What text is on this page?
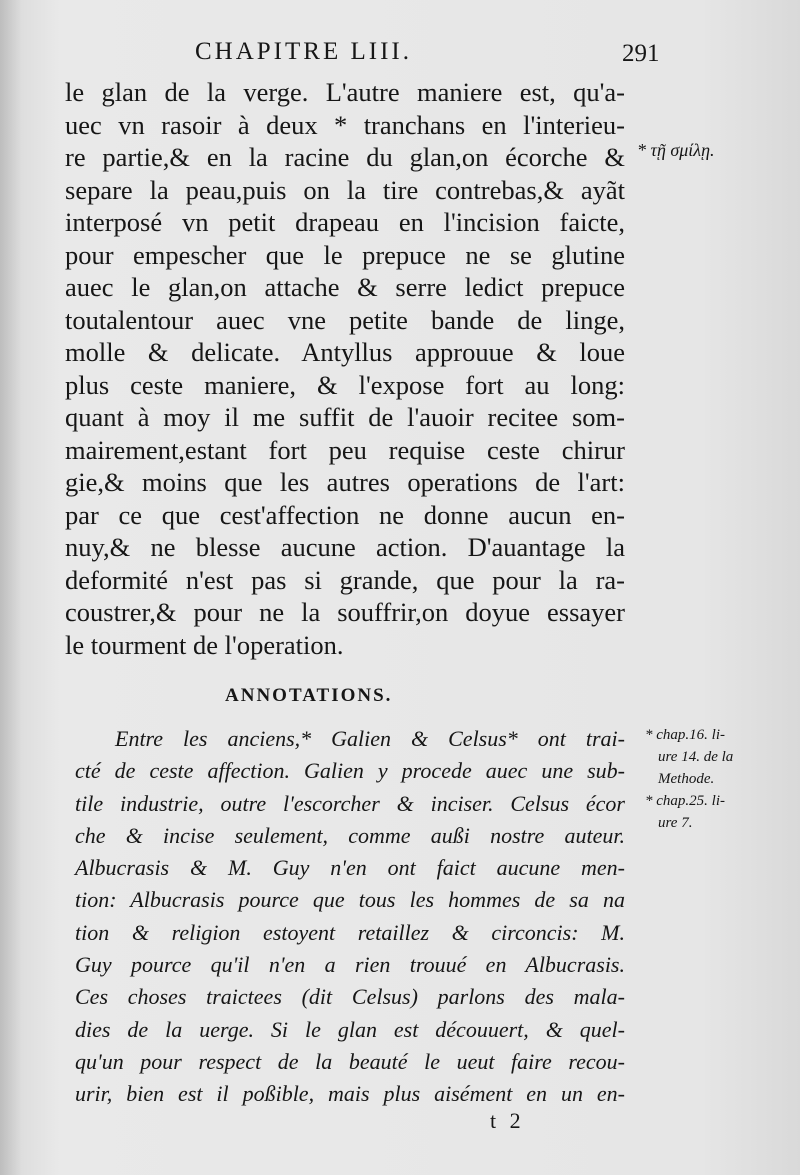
CHAPITRE LIII.	291
le glan de la verge. L'autre maniere est, qu'a-
uec vn rasoir à deux * tranchans en l'interieu-
re partie,& en la racine du glan,on écorche &
separe la peau,puis on la tire contrebas,& ayãt
interposé vn petit drapeau en l'incision faicte,
pour empescher que le prepuce ne se glutine
auec le glan,on attache & serre ledict prepuce
toutalentour auec vne petite bande de linge,
molle & delicate. Antyllus approuue & loue
plus ceste maniere, & l'expose fort au long:
quant à moy il me suffit de l'auoir recitee som-
mairement,estant fort peu requise ceste chirur
gie,& moins que les autres operations de l'art:
par ce que cest'affection ne donne aucun en-
nuy,& ne blesse aucune action. D'auantage la
deformité n'est pas si grande, que pour la ra-
coustrer,& pour ne la souffrir,on doyue essayer
le tourment de l'operation.
* τῇ σμίλῃ.
ANNOTATIONS.
Entre les anciens,* Galien & Celsus* ont trai-
cté de ceste affection. Galien y procede auec une sub-
tile industrie, outre l'escorcher & inciser. Celsus écor
che & incise seulement, comme außi nostre auteur.
Albucrasis & M. Guy n'en ont faict aucune men-
tion: Albucrasis pource que tous les hommes de sa na
tion & religion estoyent retaillez & circoncis: M.
Guy pource qu'il n'en a rien trouué en Albucrasis.
Ces choses traictees (dit Celsus) parlons des mala-
dies de la uerge. Si le glan est découuert, & quel-
qu'un pour respect de la beauté le ueut faire recou-
urir, bien est il poßible, mais plus aisément en un en-
* chap.16. li-
ure 14. de la
Methode.
* chap.25. li-
ure 7.
t 2
